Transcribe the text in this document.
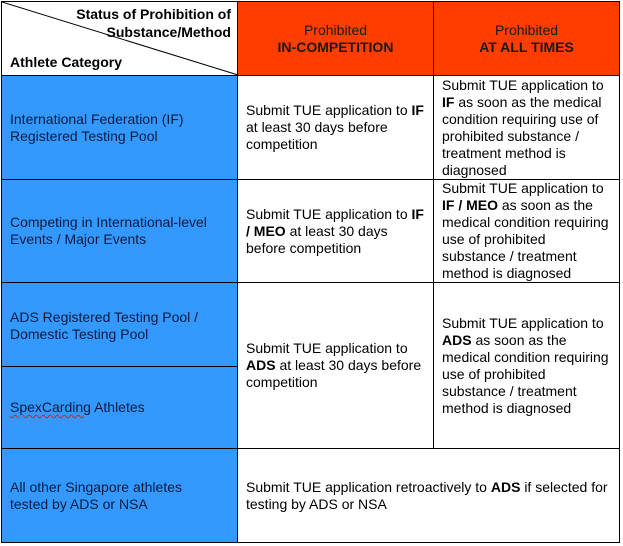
Status of Prohibition of
Substance/Method
Athlete Category
Prohibited
IN-COMPETITION
Prohibited
AT ALL TIMES
International Federation (IF)
Registered Testing Pool
Submit TUE application to IF at least 30 days before competition
Submit TUE application to IF as soon as the medical condition requiring use of prohibited substance / treatment method is diagnosed
Competing in International-level
Events / Major Events
Submit TUE application to IF / MEO at least 30 days before competition
Submit TUE application to IF / MEO as soon as the medical condition requiring use of prohibited substance / treatment method is diagnosed
ADS Registered Testing Pool /
Domestic Testing Pool
SpexCarding Athletes
Submit TUE application to ADS at least 30 days before competition
Submit TUE application to ADS as soon as the medical condition requiring use of prohibited substance / treatment method is diagnosed
All other Singapore athletes
tested by ADS or NSA
Submit TUE application retroactively to ADS if selected for testing by ADS or NSA
